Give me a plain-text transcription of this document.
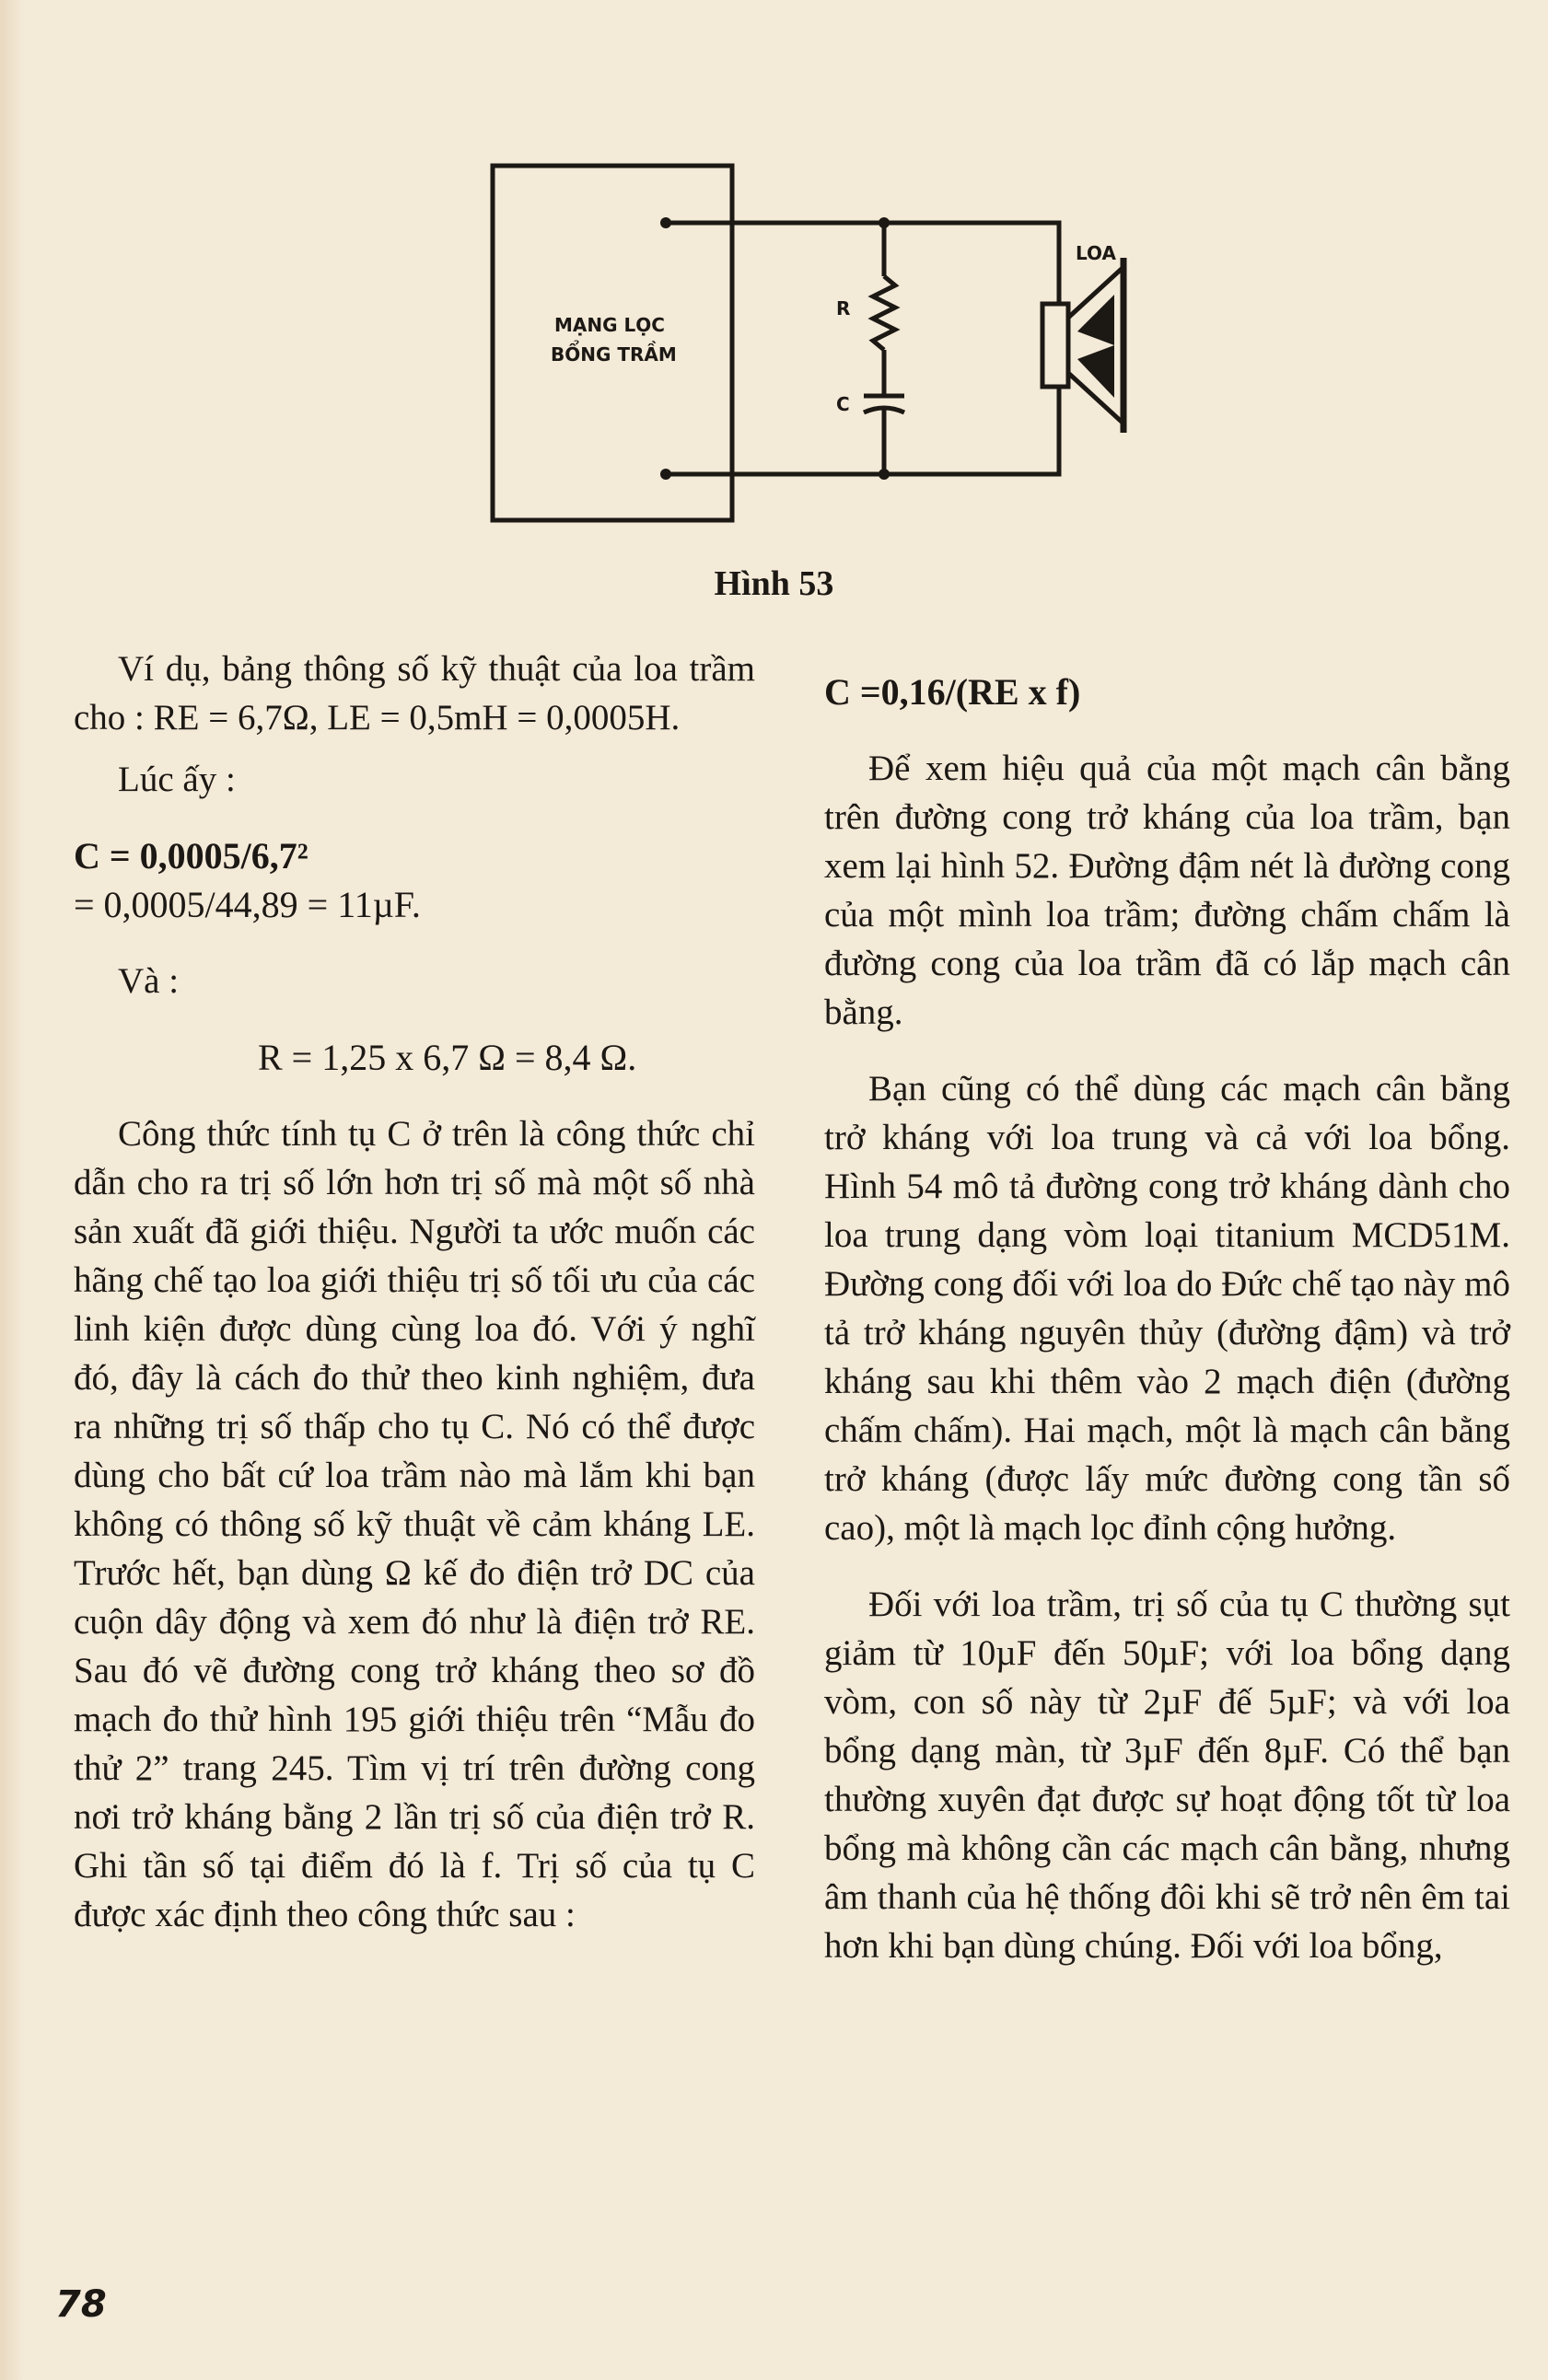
MẠNG LỌC
BỔNG TRẦM
R
C
LOA
Hình 53

Ví dụ, bảng thông số kỹ thuật của loa trầm cho : RE = 6,7Ω, LE = 0,5mH = 0,0005H.

Lúc ấy :

C = 0,0005/6,7²

= 0,0005/44,89 = 11µF.

Và :

R = 1,25 x 6,7 Ω = 8,4 Ω.

Công thức tính tụ C ở trên là công thức chỉ dẫn cho ra trị số lớn hơn trị số mà một số nhà sản xuất đã giới thiệu. Người ta ước muốn các hãng chế tạo loa giới thiệu trị số tối ưu của các linh kiện được dùng cùng loa đó. Với ý nghĩ đó, đây là cách đo thử theo kinh nghiệm, đưa ra những trị số thấp cho tụ C. Nó có thể được dùng cho bất cứ loa trầm nào mà lắm khi bạn không có thông số kỹ thuật về cảm kháng LE. Trước hết, bạn dùng Ω kế đo điện trở DC của cuộn dây động và xem đó như là điện trở RE. Sau đó vẽ đường cong trở kháng theo sơ đồ mạch đo thử hình 195 giới thiệu trên “Mẫu đo thử 2” trang 245. Tìm vị trí trên đường cong nơi trở kháng bằng 2 lần trị số của điện trở R. Ghi tần số tại điểm đó là f. Trị số của tụ C được xác định theo công thức sau :

C =0,16/(RE x f)

Để xem hiệu quả của một mạch cân bằng trên đường cong trở kháng của loa trầm, bạn xem lại hình 52. Đường đậm nét là đường cong của một mình loa trầm; đường chấm chấm là đường cong của loa trầm đã có lắp mạch cân bằng.

Bạn cũng có thể dùng các mạch cân bằng trở kháng với loa trung và cả với loa bổng. Hình 54 mô tả đường cong trở kháng dành cho loa trung dạng vòm loại titanium MCD51M. Đường cong đối với loa do Đức chế tạo này mô tả trở kháng nguyên thủy (đường đậm) và trở kháng sau khi thêm vào 2 mạch điện (đường chấm chấm). Hai mạch, một là mạch cân bằng trở kháng (được lấy mức đường cong tần số cao), một là mạch lọc đỉnh cộng hưởng.

Đối với loa trầm, trị số của tụ C thường sụt giảm từ 10µF đến 50µF; với loa bổng dạng vòm, con số này từ 2µF đế 5µF; và với loa bổng dạng màn, từ 3µF đến 8µF. Có thể bạn thường xuyên đạt được sự hoạt động tốt từ loa bổng mà không cần các mạch cân bằng, nhưng âm thanh của hệ thống đôi khi sẽ trở nên êm tai hơn khi bạn dùng chúng. Đối với loa bổng,

78
